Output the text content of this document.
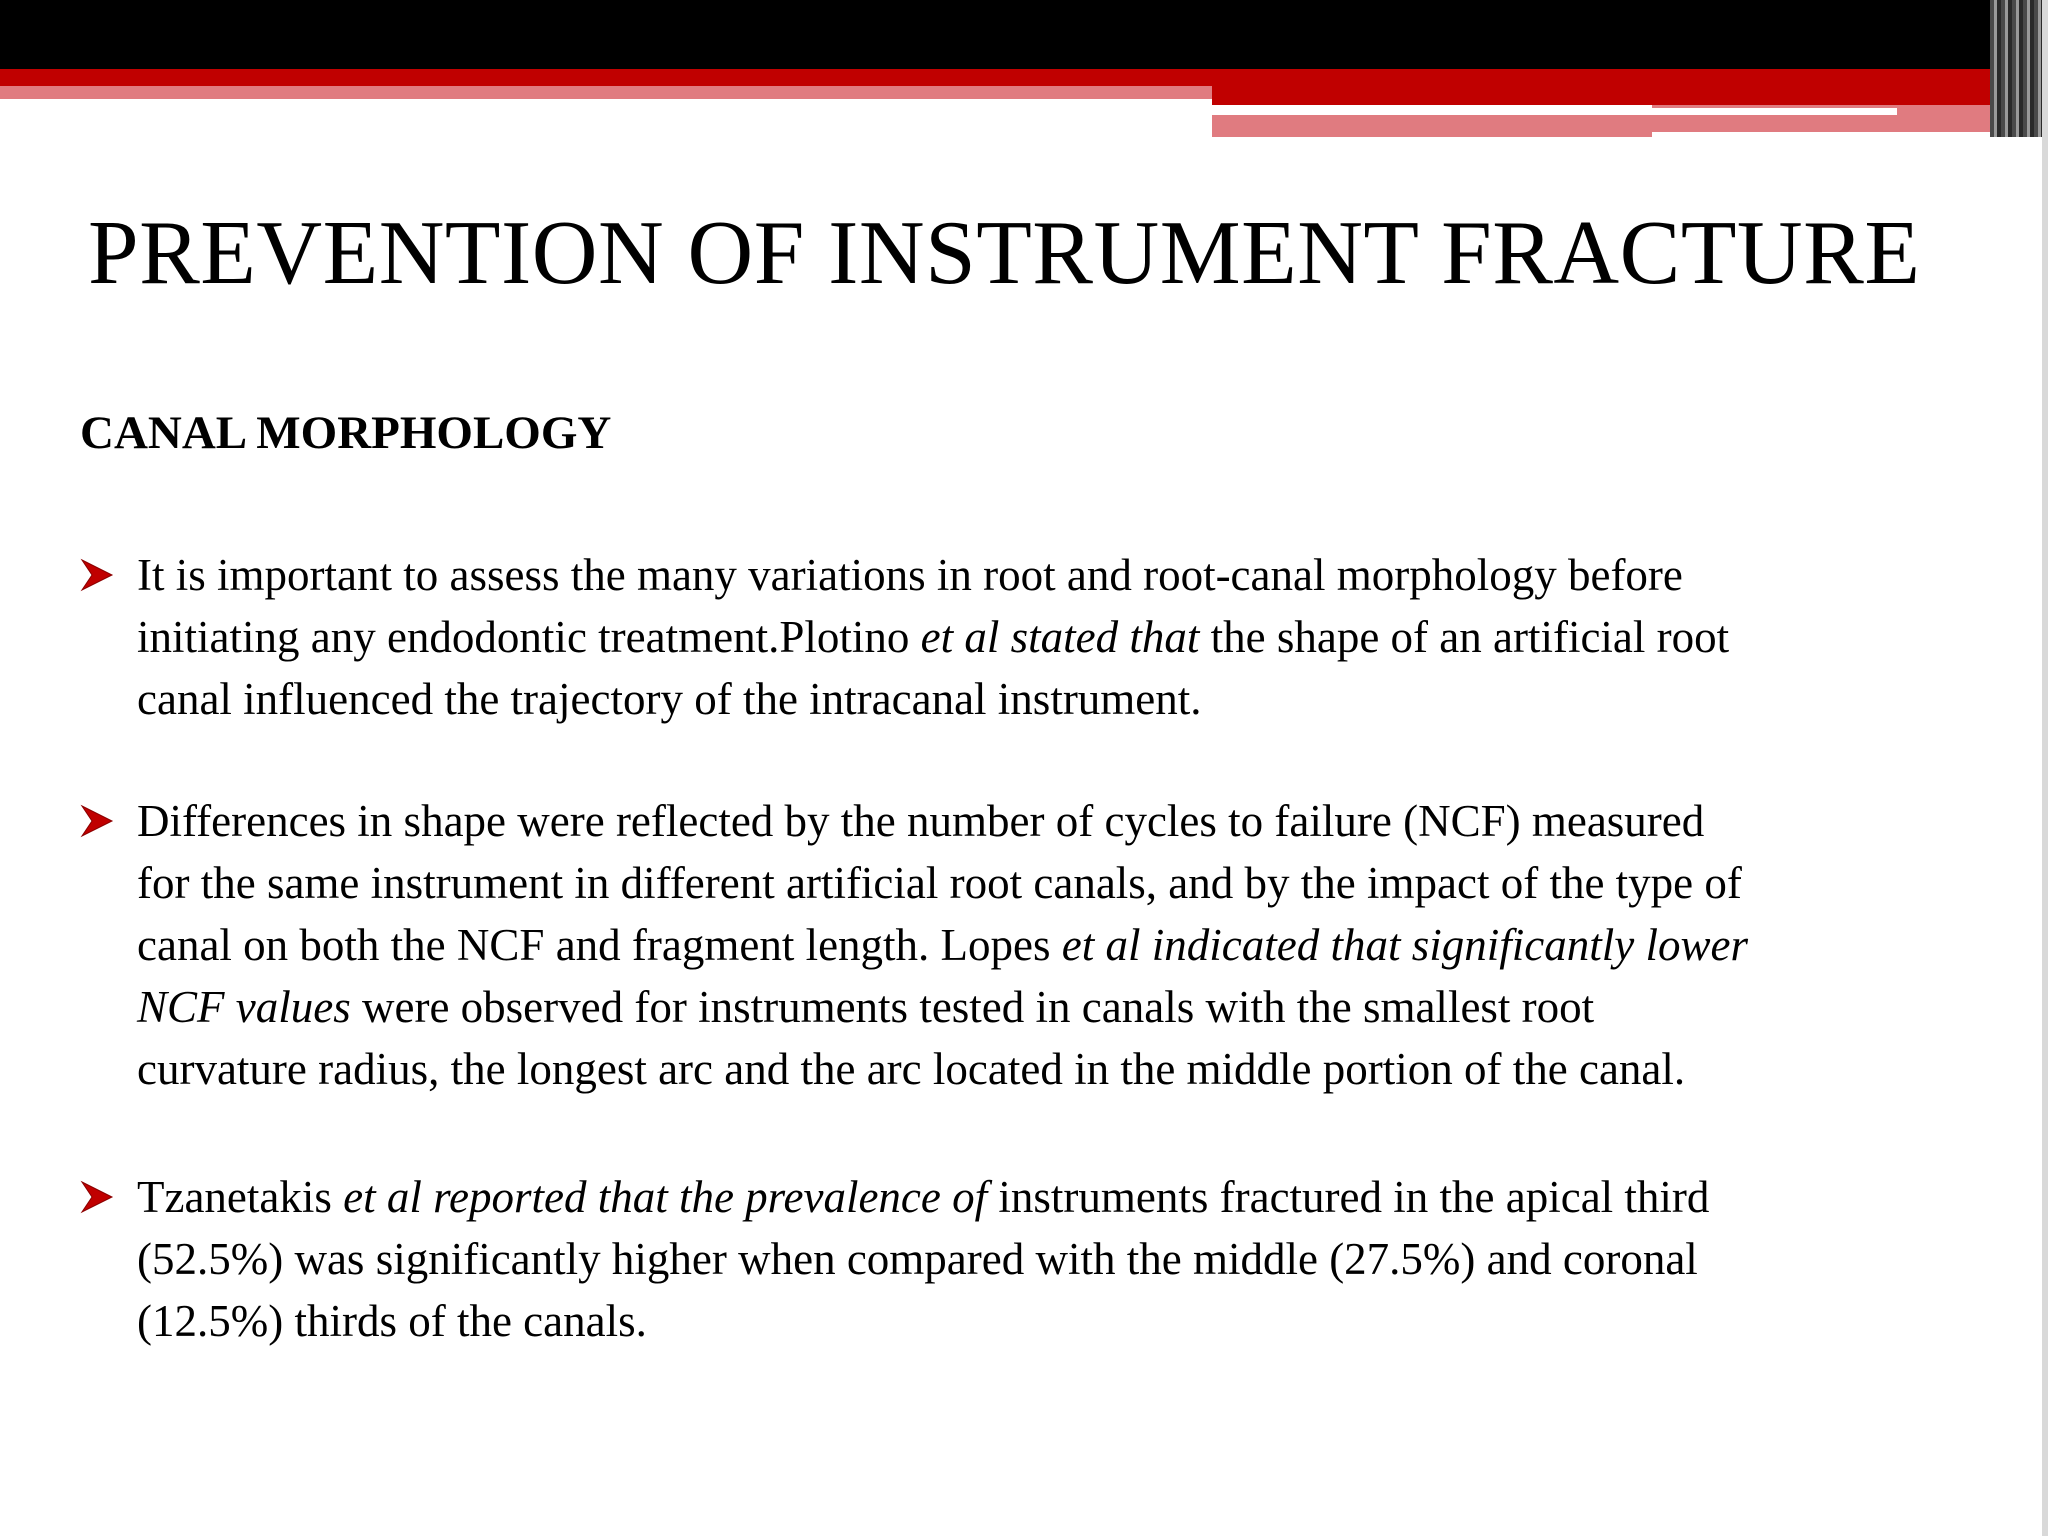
PREVENTION OF INSTRUMENT FRACTURE
CANAL MORPHOLOGY
It is important to assess the many variations in root and root-canal morphology before
initiating any endodontic treatment.Plotino et al stated that the shape of an artificial root
canal influenced the trajectory of the intracanal instrument.
Differences in shape were reflected by the number of cycles to failure (NCF) measured
for the same instrument in different artificial root canals, and by the impact of the type of
canal on both the NCF and fragment length. Lopes et al indicated that significantly lower
NCF values were observed for instruments tested in canals with the smallest root
curvature radius, the longest arc and the arc located in the middle portion of the canal.
Tzanetakis et al reported that the prevalence of instruments fractured in the apical third
(52.5%) was significantly higher when compared with the middle (27.5%) and coronal
(12.5%) thirds of the canals.
